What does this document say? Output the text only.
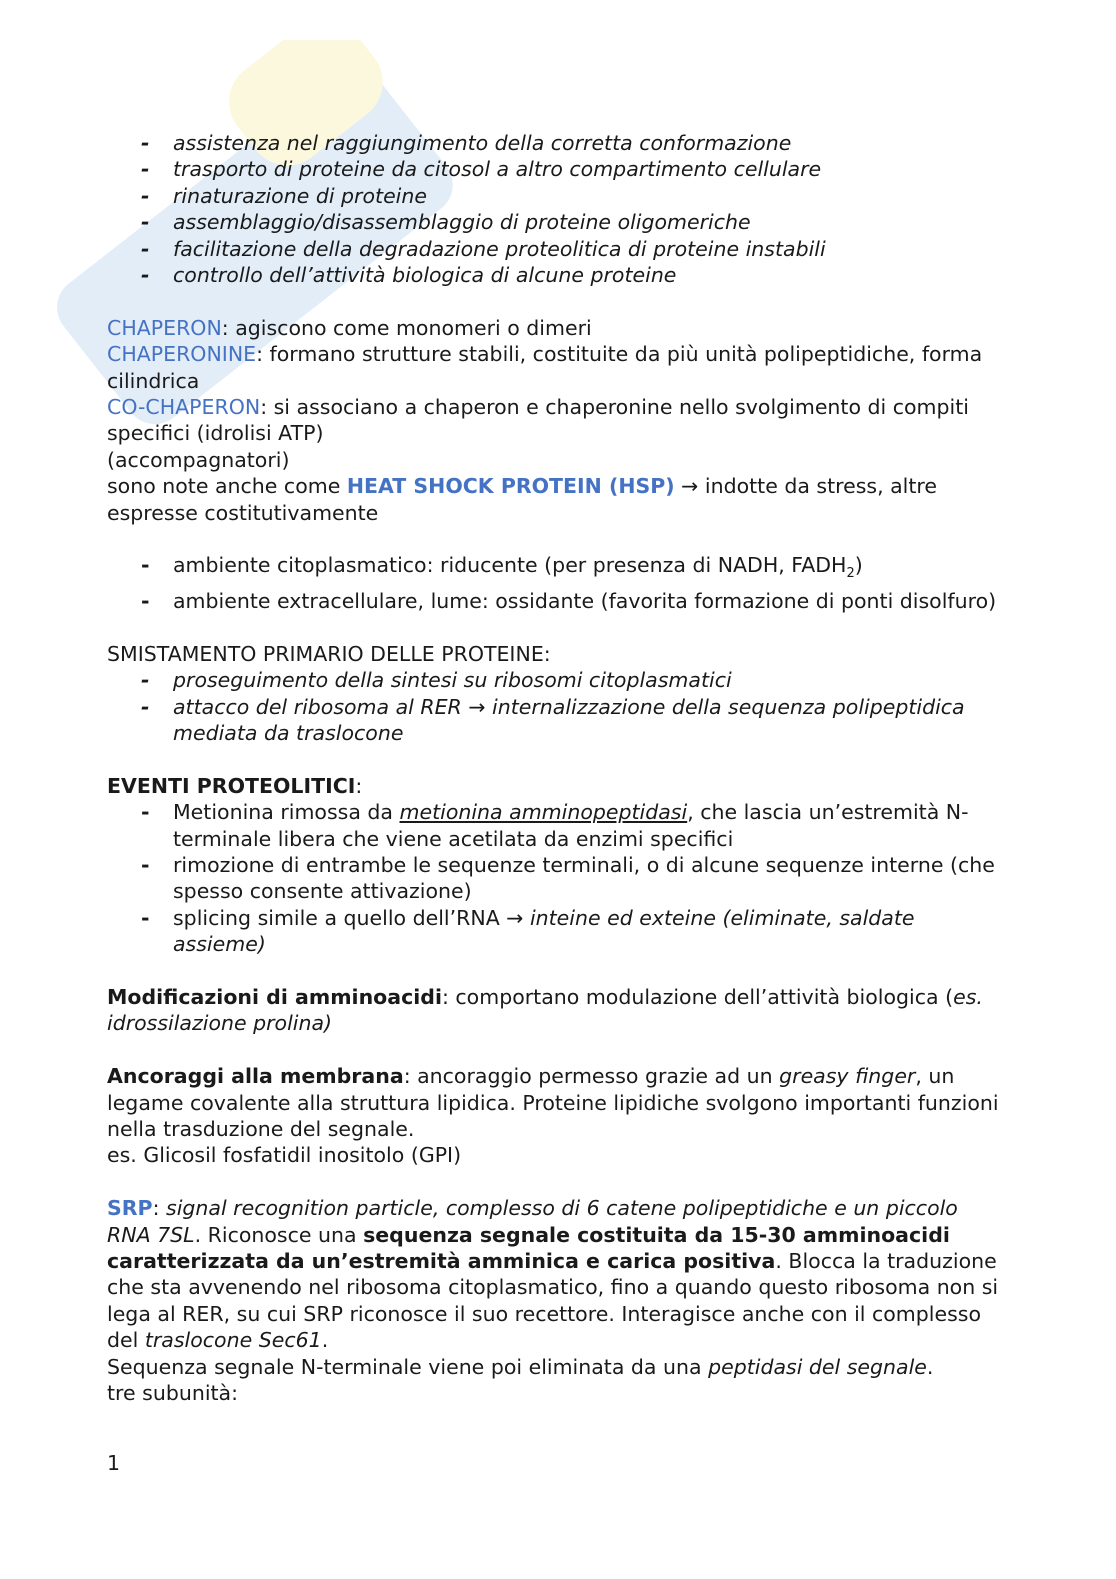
- assistenza nel raggiungimento della corretta conformazione
- trasporto di proteine da citosol a altro compartimento cellulare
- rinaturazione di proteine
- assemblaggio/disassemblaggio di proteine oligomeriche
- facilitazione della degradazione proteolitica di proteine instabili
- controllo dell’attività biologica di alcune proteine

CHAPERON: agiscono come monomeri o dimeri

CHAPERONINE: formano strutture stabili, costituite da più unità polipeptidiche, forma cilindrica

CO-CHAPERON: si associano a chaperon e chaperonine nello svolgimento di compiti specifici (idrolisi ATP)

(accompagnatori)

sono note anche come HEAT SHOCK PROTEIN (HSP) → indotte da stress, altre espresse costitutivamente

- ambiente citoplasmatico: riducente (per presenza di NADH, $FADH_2$)
- ambiente extracellulare, lume: ossidante (favorita formazione di ponti disolfuro)

SMISTAMENTO PRIMARIO DELLE PROTEINE:

- proseguimento della sintesi su ribosomi citoplasmatici
- attacco del ribosoma al RER → internalizzazione della sequenza polipeptidica mediata da traslocone

EVENTI PROTEOLITICI:

- Metionina rimossa da metionina amminopeptidasi, che lascia un’estremità N-terminale libera che viene acetilata da enzimi specifici
- rimozione di entrambe le sequenze terminali, o di alcune sequenze interne (che spesso consente attivazione)
- splicing simile a quello dell’RNA → inteine ed exteine (eliminate, saldate assieme)

Modificazioni di amminoacidi: comportano modulazione dell’attività biologica (es. idrossilazione prolina)

Ancoraggi alla membrana: ancoraggio permesso grazie ad un greasy finger, un legame covalente alla struttura lipidica. Proteine lipidiche svolgono importanti funzioni nella trasduzione del segnale.

es. Glicosil fosfatidil inositolo (GPI)

SRP: signal recognition particle, complesso di 6 catene polipeptidiche e un piccolo RNA 7SL. Riconosce una sequenza segnale costituita da 15-30 amminoacidi caratterizzata da un’estremità amminica e carica positiva. Blocca la traduzione che sta avvenendo nel ribosoma citoplasmatico, fino a quando questo ribosoma non si lega al RER, su cui SRP riconosce il suo recettore. Interagisce anche con il complesso del traslocone Sec61.

Sequenza segnale N-terminale viene poi eliminata da una peptidasi del segnale.

tre subunità:

1
